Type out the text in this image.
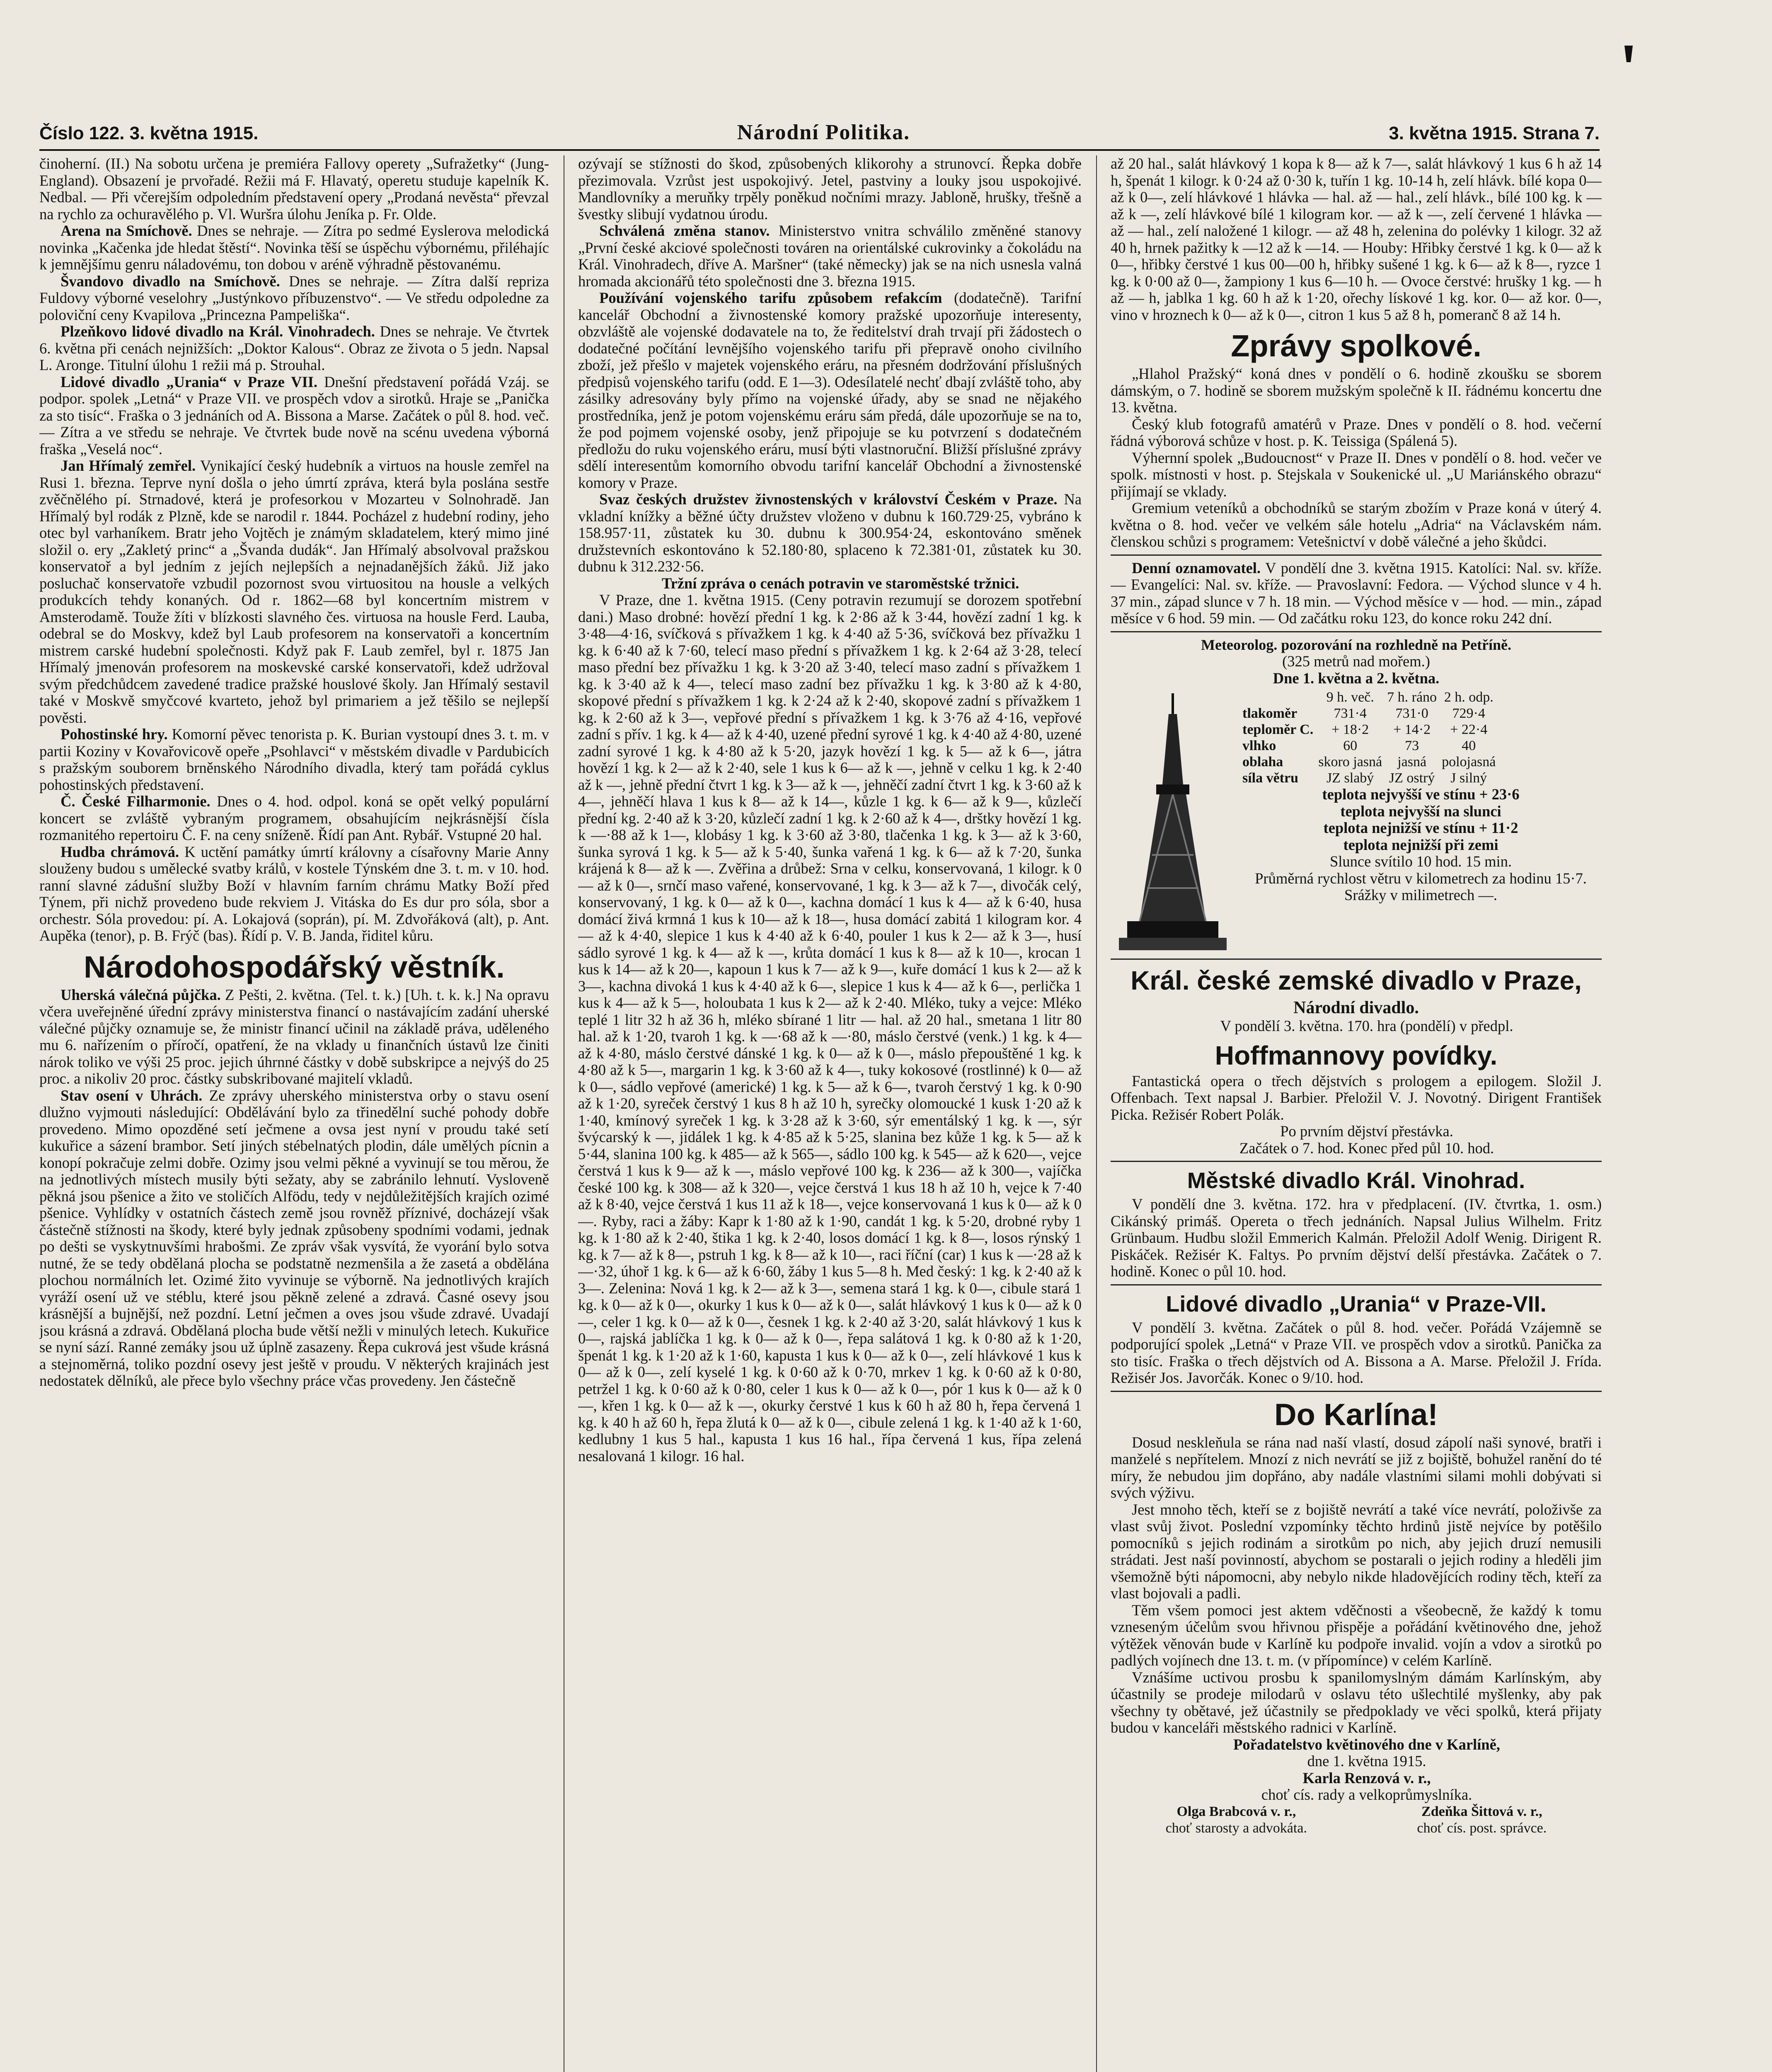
Číslo 122. 3. května 1915.	Národní Politika.	3. května 1915. Strana 7.

činoherní. (II.) Na sobotu určena je premiéra Fallovy operety „Sufražetky“ (Jung-England). Obsazení je prvořadé. Režii má F. Hlavatý, operetu studuje kapelník K. Nedbal. — Při včerejším odpoledním představení opery „Prodaná nevěsta“ převzal na rychlo za ochuravělého p. Vl. Wuršra úlohu Jeníka p. Fr. Olde.

Arena na Smíchově. Dnes se nehraje. — Zítra po sedmé Eyslerova melodická novinka „Kačenka jde hledat štěstí“. Novinka těší se úspěchu výbornému, přiléhajíc k jemnějšímu genru náladovému, ton dobou v aréně výhradně pěstovanému.

Švandovo divadlo na Smíchově. Dnes se nehraje. — Zítra další repriza Fuldovy výborné veselohry „Justýnkovo příbuzenstvo“. — Ve středu odpoledne za poloviční ceny Kvapilova „Princezna Pampeliška“.

Plzeňkovo lidové divadlo na Král. Vinohradech. Dnes se nehraje. Ve čtvrtek 6. května při cenách nejnižších: „Doktor Kalous“. Obraz ze života o 5 jedn. Napsal L. Aronge. Titulní úlohu 1 režii má p. Strouhal.

Lidové divadlo „Urania“ v Praze VII. Dnešní představení pořádá Vzáj. se podpor. spolek „Letná“ v Praze VII. ve prospěch vdov a sirotků. Hraje se „Panička za sto tisíc“. Fraška o 3 jednáních od A. Bissona a Marse. Začátek o půl 8. hod. več. — Zítra a ve středu se nehraje. Ve čtvrtek bude nově na scénu uvedena výborná fraška „Veselá noc“.

Jan Hřímalý zemřel. Vynikající český hudebník a virtuos na housle zemřel na Rusi 1. března. Teprve nyní došla o jeho úmrtí zpráva, která byla poslána sestře zvěčnělého pí. Strnadové, která je profesorkou v Mozarteu v Solnohradě. Jan Hřímalý byl rodák z Plzně, kde se narodil r. 1844. Pocházel z hudební rodiny, jeho otec byl varhaníkem. Bratr jeho Vojtěch je známým skladatelem, který mimo jiné složil o. ery „Zakletý princ“ a „Švanda dudák“. Jan Hřímalý absolvoval pražskou konservatoř a byl jedním z jejích nejlepších a nejnadanějších žáků. Již jako posluchač konservatoře vzbudil pozornost svou virtuositou na housle a velkých produkcích tehdy konaných. Od r. 1862—68 byl koncertním mistrem v Amsterodamě. Touže žíti v blízkosti slavného čes. virtuosa na housle Ferd. Lauba, odebral se do Moskvy, kdež byl Laub profesorem na konservatoři a koncertním mistrem carské hudební společnosti. Když pak F. Laub zemřel, byl r. 1875 Jan Hřímalý jmenován profesorem na moskevské carské konservatoři, kdež udržoval svým předchůdcem zavedené tradice pražské houslové školy. Jan Hřímalý sestavil také v Moskvě smyčcové kvarteto, jehož byl primariem a jež těšilo se nejlepší pověsti.

Pohostinské hry. Komorní pěvec tenorista p. K. Burian vystoupí dnes 3. t. m. v partii Koziny v Kovařovicově opeře „Psohlavci“ v městském divadle v Pardubicích s pražským souborem brněnského Národního divadla, který tam pořádá cyklus pohostinských představení.

Č. České Filharmonie. Dnes o 4. hod. odpol. koná se opět velký populární koncert se zvláště vybraným programem, obsahujícím nejkrásnější čísla rozmanitého repertoiru Č. F. na ceny sníženě. Řídí pan Ant. Rybář. Vstupné 20 hal.

Hudba chrámová. K uctění památky úmrtí královny a císařovny Marie Anny slouženy budou s umělecké svatby králů, v kostele Týnském dne 3. t. m. v 10. hod. ranní slavné zádušní služby Boží v hlavním farním chrámu Matky Boží před Týnem, při nichž provedeno bude rekviem J. Vitáska do Es dur pro sóla, sbor a orchestr. Sóla provedou: pí. A. Lokajová (soprán), pí. M. Zdvořáková (alt), p. Ant. Aupěka (tenor), p. B. Frýč (bas). Řídí p. V. B. Janda, řiditel kůru.

Národohospodářský věstník.

Uherská válečná půjčka. Z Pešti, 2. května. (Tel. t. k.) [Uh. t. k. k.] Na opravu včera uveřejněné úřední zprávy ministerstva financí o nastávajícím zadání uherské válečné půjčky oznamuje se, že ministr financí učinil na základě práva, uděleného mu 6. nařízením o příročí, opatření, že na vklady u finančních ústavů lze činiti nárok toliko ve výši 25 proc. jejich úhrnné částky v době subskripce a nejvýš do 25 proc. a nikoliv 20 proc. částky subskribované majitelí vkladů.

Stav osení v Uhrách. Ze zprávy uherského ministerstva orby o stavu osení dlužno vyjmouti následující: Obdělávání bylo za třinedělní suché pohody dobře provedeno. Mimo opozděné setí ječmene a ovsa jest nyní v proudu také setí kukuřice a sázení brambor. Setí jiných stébelnatých plodin, dále umělých pícnin a konopí pokračuje zelmi dobře. Ozimy jsou velmi pěkné a vyvinují se tou měrou, že na jednotlivých místech musily býti sežaty, aby se zabránilo lehnutí. Vysloveně pěkná jsou pšenice a žito ve stoličích Alfödu, tedy v nejdůležitějších krajích ozimé pšenice. Vyhlídky v ostatních částech země jsou rovněž příznivé, docházejí však částečně stížnosti na škody, které byly jednak způsobeny spodními vodami, jednak po dešti se vyskytnuvšími hrabošmi. Ze zpráv však vysvítá, že vyorání bylo sotva nutné, že se tedy obdělaná plocha se podstatně nezmenšila a že zasetá a obdělána plochou normálních let. Ozimé žito vyvinuje se výborně. Na jednotlivých krajích vyráží osení už ve stéblu, které jsou pěkně zelené a zdravá. Časné osevy jsou krásnější a bujnější, než pozdní. Letní ječmen a oves jsou všude zdravé. Uvadají jsou krásná a zdravá. Obdělaná plocha bude větší nežli v minulých letech. Kukuřice se nyní sází. Ranné zemáky jsou už úplně zasazeny. Řepa cukrová jest všude krásná a stejnoměrná, toliko pozdní osevy jest ještě v proudu. V některých krajinách jest nedostatek dělníků, ale přece bylo všechny práce včas provedeny. Jen částečně

ozývají se stížnosti do škod, způsobených klikorohy a strunovcí. Řepka dobře přezimovala. Vzrůst jest uspokojivý. Jetel, pastviny a louky jsou uspokojivé. Mandlovníky a meruňky trpěly poněkud nočními mrazy. Jabloně, hrušky, třešně a švestky slibují vydatnou úrodu.

Schválená změna stanov. Ministerstvo vnitra schválilo změněné stanovy „První české akciové společnosti továren na orientálské cukrovinky a čokoládu na Král. Vinohradech, dříve A. Maršner“ (také německy) jak se na nich usnesla valná hromada akcionářů této společnosti dne 3. března 1915.

Používání vojenského tarifu způsobem refakcím (dodatečně). Tarifní kancelář Obchodní a živnostenské komory pražské upozorňuje interesenty, obzvláště ale vojenské dodavatele na to, že ředitelství drah trvají při žádostech o dodatečné počítání levnějšího vojenského tarifu při přepravě onoho civilního zboží, jež přešlo v majetek vojenského eráru, na přesném dodržování příslušných předpisů vojenského tarifu (odd. E 1—3). Odesílatelé nechť dbají zvláště toho, aby zásilky adresovány byly přímo na vojenské úřady, aby se snad ne nějakého prostředníka, jenž je potom vojenskému eráru sám předá, dále upozorňuje se na to, že pod pojmem vojenské osoby, jenž připojuje se ku potvrzení s dodatečném předložu do ruku vojenského eráru, musí býti vlastnoruční. Bližší příslušné zprávy sdělí interesentům komorního obvodu tarifní kancelář Obchodní a živnostenské komory v Praze.

Svaz českých družstev živnostenských v království Českém v Praze. Na vkladní knížky a běžné účty družstev vloženo v dubnu k 160.729·25, vybráno k 158.957·11, zůstatek ku 30. dubnu k 300.954·24, eskontováno směnek družstevních eskontováno k 52.180·80, splaceno k 72.381·01, zůstatek ku 30. dubnu k 312.232·56.

Tržní zpráva o cenách potravin ve staroměstské tržnici.

V Praze, dne 1. května 1915. (Ceny potravin rezumují se dorozem spotřební dani.) Maso drobné: hovězí přední 1 kg. k 2·86 až k 3·44, hovězí zadní 1 kg. k 3·48—4·16, svíčková s přívažkem 1 kg. k 4·40 až 5·36, svíčková bez přívažku 1 kg. k 6·40 až k 7·60, telecí maso přední s přívažkem 1 kg. k 2·64 až 3·28, telecí maso přední bez přívažku 1 kg. k 3·20 až 3·40, telecí maso zadní s přívažkem 1 kg. k 3·40 až k 4—, telecí maso zadní bez přívažku 1 kg. k 3·80 až k 4·80, skopové přední s přívažkem 1 kg. k 2·24 až k 2·40, skopové zadní s přívažkem 1 kg. k 2·60 až k 3—, vepřové přední s přívažkem 1 kg. k 3·76 až 4·16, vepřové zadní s přív. 1 kg. k 4— až k 4·40, uzené přední syrové 1 kg. k 4·40 až 4·80, uzené zadní syrové 1 kg. k 4·80 až k 5·20, jazyk hovězí 1 kg. k 5— až k 6—, játra hovězí 1 kg. k 2— až k 2·40, sele 1 kus k 6— až k —, jehně v celku 1 kg. k 2·40 až k —, jehně přední čtvrt 1 kg. k 3— až k —, jehněčí zadní čtvrt 1 kg. k 3·60 až k 4—, jehněčí hlava 1 kus k 8— až k 14—, kůzle 1 kg. k 6— až k 9—, kůzlečí přední kg. 2·40 až k 3·20, kůzlečí zadní 1 kg. k 2·60 až k 4—, drštky hovězí 1 kg. k —·88 až k 1—, klobásy 1 kg. k 3·60 až 3·80, tlačenka 1 kg. k 3— až k 3·60, šunka syrová 1 kg. k 5— až k 5·40, šunka vařená 1 kg. k 6— až k 7·20, šunka krájená k 8— až k —. Zvěřina a drůbež: Srna v celku, konservovaná, 1 kilogr. k 0— až k 0—, srnčí maso vařené, konservované, 1 kg. k 3— až k 7—, divočák celý, konservovaný, 1 kg. k 0— až k 0—, kachna domácí 1 kus k 4— až k 6·40, husa domácí živá krmná 1 kus k 10— až k 18—, husa domácí zabitá 1 kilogram kor. 4— až k 4·40, slepice 1 kus k 4·40 až k 6·40, pouler 1 kus k 2— až k 3—, husí sádlo syrové 1 kg. k 4— až k —, krůta domácí 1 kus k 8— až k 10—, krocan 1 kus k 14— až k 20—, kapoun 1 kus k 7— až k 9—, kuře domácí 1 kus k 2— až k 3—, kachna divoká 1 kus k 4·40 až k 6—, slepice 1 kus k 4— až k 6—, perlička 1 kus k 4— až k 5—, holoubata 1 kus k 2— až k 2·40. Mléko, tuky a vejce: Mléko teplé 1 litr 32 h až 36 h, mléko sbírané 1 litr — hal. až 20 hal., smetana 1 litr 80 hal. až k 1·20, tvaroh 1 kg. k —·68 až k —·80, máslo čerstvé (venk.) 1 kg. k 4— až k 4·80, máslo čerstvé dánské 1 kg. k 0— až k 0—, máslo přepouštěné 1 kg. k 4·80 až k 5—, margarin 1 kg. k 3·60 až k 4—, tuky kokosové (rostlinné) k 0— až k 0—, sádlo vepřové (americké) 1 kg. k 5— až k 6—, tvaroh čerstvý 1 kg. k 0·90 až k 1·20, syreček čerstvý 1 kus 8 h až 10 h, syrečky olomoucké 1 kusk 1·20 až k 1·40, kmínový syreček 1 kg. k 3·28 až k 3·60, sýr ementálský 1 kg. k —, sýr švýcarský k —, jidálek 1 kg. k 4·85 až k 5·25, slanina bez kůže 1 kg. k 5— až k 5·44, slanina 100 kg. k 485— až k 565—, sádlo 100 kg. k 545— až k 620—, vejce čerstvá 1 kus k 9— až k —, máslo vepřové 100 kg. k 236— až k 300—, vajíčka české 100 kg. k 308— až k 320—, vejce čerstvá 1 kus 18 h až 10 h, vejce k 7·40 až k 8·40, vejce čerstvá 1 kus 11 až k 18—, vejce konservovaná 1 kus k 0— až k 0—. Ryby, raci a žáby: Kapr k 1·80 až k 1·90, candát 1 kg. k 5·20, drobné ryby 1 kg. k 1·80 až k 2·40, štika 1 kg. k 2·40, losos domácí 1 kg. k 8—, losos rýnský 1 kg. k 7— až k 8—, pstruh 1 kg. k 8— až k 10—, raci říční (car) 1 kus k —·28 až k —·32, úhoř 1 kg. k 6— až k 6·60, žáby 1 kus 5—8 h. Med český: 1 kg. k 2·40 až k 3—. Zelenina: Nová 1 kg. k 2— až k 3—, semena stará 1 kg. k 0—, cibule stará 1 kg. k 0— až k 0—, okurky 1 kus k 0— až k 0—, salát hlávkový 1 kus k 0— až k 0—, celer 1 kg. k 0— až k 0—, česnek 1 kg. k 2·40 až 3·20, salát hlávkový 1 kus k 0—, rajská jablíčka 1 kg. k 0— až k 0—, řepa salátová 1 kg. k 0·80 až k 1·20, špenát 1 kg. k 1·20 až k 1·60, kapusta 1 kus k 0— až k 0—, zelí hlávkové 1 kus k 0— až k 0—, zelí kyselé 1 kg. k 0·60 až k 0·70, mrkev 1 kg. k 0·60 až k 0·80, petržel 1 kg. k 0·60 až k 0·80, celer 1 kus k 0— až k 0—, pór 1 kus k 0— až k 0—, křen 1 kg. k 0— až k —, okurky čerstvé 1 kus k 60 h až 80 h, řepa červená 1 kg. k 40 h až 60 h, řepa žlutá k 0— až k 0—, cibule zelená 1 kg. k 1·40 až k 1·60, kedlubny 1 kus 5 hal., kapusta 1 kus 16 hal., řípa červená 1 kus, řípa zelená nesalovaná 1 kilogr. 16 hal.

až 20 hal., salát hlávkový 1 kopa k 8— až k 7—, salát hlávkový 1 kus 6 h až 14 h, špenát 1 kilogr. k 0·24 až 0·30 k, tuřín 1 kg. 10-14 h, zelí hlávk. bílé kopa 0— až k 0—, zelí hlávkové 1 hlávka — hal. až — hal., zelí hlávk., bílé 100 kg. k — až k —, zelí hlávkové bílé 1 kilogram kor. — až k —, zelí červené 1 hlávka — až — hal., zelí naložené 1 kilogr. — až 48 h, zelenina do polévky 1 kilogr. 32 až 40 h, hrnek pažitky k —12 až k —14. — Houby: Hřibky čerstvé 1 kg. k 0— až k 0—, hřibky čerstvé 1 kus 00—00 h, hřibky sušené 1 kg. k 6— až k 8—, ryzce 1 kg. k 0·00 až 0—, žampiony 1 kus 6—10 h. — Ovoce čerstvé: hrušky 1 kg. — h až — h, jablka 1 kg. 60 h až k 1·20, ořechy lískové 1 kg. kor. 0— až kor. 0—, vino v hroznech k 0— až k 0—, citron 1 kus 5 až 8 h, pomeranč 8 až 14 h.

Zprávy spolkové.

„Hlahol Pražský“ koná dnes v pondělí o 6. hodině zkoušku se sborem dámským, o 7. hodině se sborem mužským společně k II. řádnému koncertu dne 13. května.

Český klub fotografů amatérů v Praze. Dnes v pondělí o 8. hod. večerní řádná výborová schůze v host. p. K. Teissiga (Spálená 5).

Výhernní spolek „Budoucnost“ v Praze II. Dnes v pondělí o 8. hod. večer ve spolk. místnosti v host. p. Stejskala v Soukenické ul. „U Mariánského obrazu“ přijímají se vklady.

Gremium veteníků a obchodníků se starým zbožím v Praze koná v úterý 4. května o 8. hod. večer ve velkém sále hotelu „Adria“ na Václavském nám. členskou schůzi s programem: Vetešnictví v době válečné a jeho škůdci.

Denní oznamovatel. V pondělí dne 3. května 1915. Katolíci: Nal. sv. kříže. — Evangelíci: Nal. sv. kříže. — Pravoslavní: Fedora. — Východ slunce v 4 h. 37 min., západ slunce v 7 h. 18 min. — Východ měsíce v — hod. — min., západ měsíce v 6 hod. 59 min. — Od začátku roku 123, do konce roku 242 dní.

Meteorolog. pozorování na rozhledně na Petříně.
(325 metrů nad mořem.)
Dne 1. května a 2. května.
	9 h. več.	7 h. ráno	2 h. odp.
tlakoměr	731·4	731·0	729·4
teploměr C.	+ 18·2	+ 14·2	+ 22·4
vlhko	60	73	40
oblaha	skoro jasná	jasná	polojasná
síla větru	JZ slabý	JZ ostrý	J silný

teplota nejvyšší ve stínu + 23·6

teplota nejvyšší na slunci

teplota nejnižší ve stínu + 11·2

teplota nejnižší při zemi

Slunce svítilo 10 hod. 15 min.

Průměrná rychlost větru v kilometrech za hodinu 15·7.

Srážky v milimetrech —.

Král. české zemské divadlo v Praze,
Národní divadlo.

V pondělí 3. května. 170. hra (pondělí) v předpl.

Hoffmannovy povídky.

Fantastická opera o třech dějstvích s prologem a epilogem. Složil J. Offenbach. Text napsal J. Barbier. Přeložil V. J. Novotný. Dirigent František Picka. Režisér Robert Polák.

Po prvním dějství přestávka.

Začátek o 7. hod. Konec před půl 10. hod.

Městské divadlo Král. Vinohrad.

V pondělí dne 3. května. 172. hra v předplacení. (IV. čtvrtka, 1. osm.) Cikánský primáš. Opereta o třech jednáních. Napsal Julius Wilhelm. Fritz Grünbaum. Hudbu složil Emmerich Kalmán. Přeložil Adolf Wenig. Dirigent R. Piskáček. Režisér K. Faltys. Po prvním dějství delší přestávka. Začátek o 7. hodině. Konec o půl 10. hod.

Lidové divadlo „Urania“ v Praze-VII.

V pondělí 3. května. Začátek o půl 8. hod. večer. Pořádá Vzájemně se podporující spolek „Letná“ v Praze VII. ve prospěch vdov a sirotků. Panička za sto tisíc. Fraška o třech dějstvích od A. Bissona a A. Marse. Přeložil J. Frída. Režisér Jos. Javorčák. Konec o 9/10. hod.

Do Karlína!

Dosud neskleňula se rána nad naší vlastí, dosud zápolí naši synové, bratři i manželé s nepřítelem. Mnozí z nich nevrátí se již z bojiště, bohužel ranění do té míry, že nebudou jim dopřáno, aby nadále vlastními silami mohli dobývati si svých výživu.

Jest mnoho těch, kteří se z bojiště nevrátí a také více nevrátí, položivše za vlast svůj život. Poslední vzpomínky těchto hrdinů jistě nejvíce by potěšilo pomocníků s jejich rodinám a sirotkům po nich, aby jejich druzí nemusili strádati. Jest naší povinností, abychom se postarali o jejich rodiny a hleděli jim všemožně býti nápomocni, aby nebylo nikde hladovějících rodiny těch, kteří za vlast bojovali a padli.

Těm všem pomoci jest aktem vděčnosti a všeobecně, že každý k tomu vzneseným účelům svou hřivnou přispěje a pořádání květinového dne, jehož výtěžek věnován bude v Karlíně ku podpoře invalid. vojín a vdov a sirotků po padlých vojínech dne 13. t. m. (v přípomínce) v celém Karlíně.

Vznášíme uctivou prosbu k spanilomyslným dámám Karlínským, aby účastnily se prodeje milodarů v oslavu této ušlechtilé myšlenky, aby pak všechny ty obětavé, jež účastnily se předpoklady ve věci spolků, která přijaty budou v kanceláři městského radnici v Karlíně.

Pořadatelstvo květinového dne v Karlíně,

dne 1. května 1915.

Karla Renzová v. r.,

choť cís. rady a velkoprůmyslníka.

Olga Brabcová v. r.,
choť starosty a advokáta.
Zdeňka Šittová v. r.,
choť cís. post. správce.
